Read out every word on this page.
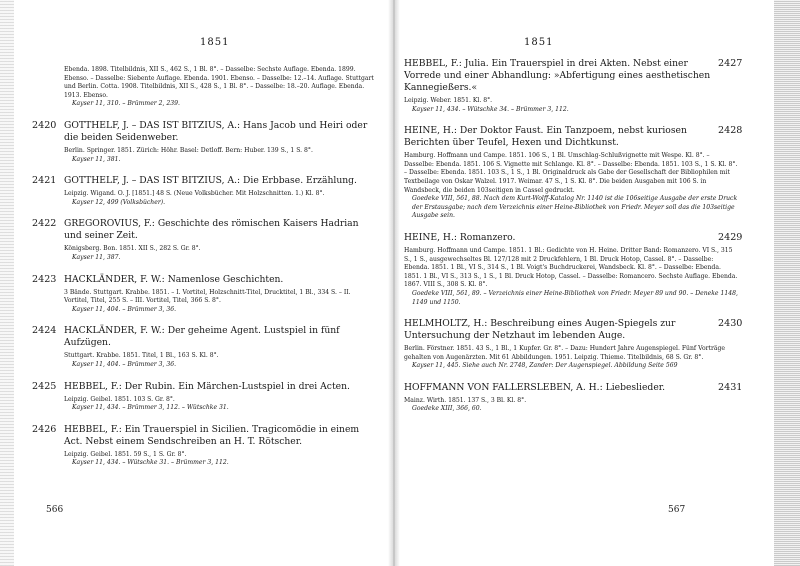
1851
Ebenda. 1898. Titelbildnis, XII S., 462 S., 1 Bl. 8°. – Dasselbe: Sechste Auflage. Ebenda. 1899. Ebenso. – Dasselbe: Siebente Auflage. Ebenda. 1901. Ebenso. – Dasselbe: 12.–14. Auflage. Stuttgart und Berlin. Cotta. 1908. Titelbildnis, XII S., 428 S., 1 Bl. 8°. – Dasselbe: 18.–20. Auflage. Ebenda. 1913. Ebenso.
Kayser 11, 310. – Brümmer 2, 239.
2420 GOTTHELF, J. – DAS IST BITZIUS, A.: Hans Jacob und Heiri oder die beiden Seidenweber.
Berlin. Springer. 1851. Zürich: Höhr. Basel: Detloff. Bern: Huber. 139 S., 1 S. 8°.
Kayser 11, 381.
2421 GOTTHELF, J. – DAS IST BITZIUS, A.: Die Erbbase. Erzählung.
Leipzig. Wigand. O. J. [1851.] 48 S. (Neue Volksbücher. Mit Holzschnitten. 1.) Kl. 8°.
Kayser 12, 499 (Volksbücher).
2422 GREGOROVIUS, F.: Geschichte des römischen Kaisers Hadrian und seiner Zeit.
Königsberg. Bon. 1851. XII S., 282 S. Gr. 8°.
Kayser 11, 387.
2423 HACKLÄNDER, F. W.: Namenlose Geschichten.
3 Bände. Stuttgart. Krabbe. 1851. – I. Vortitel, Holzschnitt-Titel, Drucktitel, 1 Bl., 334 S. – II. Vortitel, Titel, 255 S. – III. Vortitel, Titel, 366 S. 8°.
Kayser 11, 404. – Brümmer 3, 36.
2424 HACKLÄNDER, F. W.: Der geheime Agent. Lustspiel in fünf Aufzügen.
Stuttgart. Krabbe. 1851. Titel, 1 Bl., 163 S. Kl. 8°.
Kayser 11, 404. – Brümmer 3, 36.
2425 HEBBEL, F.: Der Rubin. Ein Märchen-Lustspiel in drei Acten.
Leipzig. Geibel. 1851. 103 S. Gr. 8°.
Kayser 11, 434. – Brümmer 3, 112. – Wütschke 31.
2426 HEBBEL, F.: Ein Trauerspiel in Sicilien. Tragicomödie in einem Act. Nebst einem Sendschreiben an H. T. Rötscher.
Leipzig. Geibel. 1851. 59 S., 1 S. Gr. 8°.
Kayser 11, 434. – Wütschke 31. – Brümmer 3, 112.
566
1851
2427
HEBBEL, F.: Julia. Ein Trauerspiel in drei Akten. Nebst einer Vorrede und einer Abhandlung: »Abfertigung eines aesthetischen Kannegießers.«
Leipzig. Weber. 1851. Kl. 8°.
Kayser 11, 434. – Wütschke 34. – Brümmer 3, 112.
2428
HEINE, H.: Der Doktor Faust. Ein Tanzpoem, nebst kuriosen Berichten über Teufel, Hexen und Dichtkunst.
Hamburg. Hoffmann und Campe. 1851. 106 S., 1 Bl. Umschlag-Schlußvignette mit Wespe. Kl. 8°. – Dasselbe: Ebenda. 1851. 106 S. Vignette mit Schlange. Kl. 8°. – Dasselbe: Ebenda. 1851. 103 S., 1 S. Kl. 8°. – Dasselbe: Ebenda. 1851. 103 S., 1 S., 1 Bl. Originaldruck als Gabe der Gesellschaft der Bibliophilen mit Textbeilage von Oskar Walzel. 1917. Weimar. 47 S., 1 S. Kl. 8°. Die beiden Ausgaben mit 106 S. in Wandsbeck, die beiden 103seitigen in Cassel gedruckt.
Goedeke VIII, 561, 88. Nach dem Kurt-Wolff-Katalog Nr. 1140 ist die 106seitige Ausgabe der erste Druck der Erstausgabe; nach dem Verzeichnis einer Heine-Bibliothek von Friedr. Meyer soll das die 103seitige Ausgabe sein.
2429
HEINE, H.: Romanzero.
Hamburg. Hoffmann und Campe. 1851. 1 Bl.: Gedichte von H. Heine. Dritter Band: Romanzero. VI S., 315 S., 1 S., ausgewechseltes Bl. 127/128 mit 2 Druckfehlern, 1 Bl. Druck Hotop, Cassel. 8°. – Dasselbe: Ebenda. 1851. 1 Bl., VI S., 314 S., 1 Bl. Voigt's Buchdruckerei, Wandsbeck. Kl. 8°. – Dasselbe: Ebenda. 1851. 1 Bl., VI S., 313 S., 1 S., 1 Bl. Druck Hotop, Cassel. – Dasselbe: Romancero. Sechste Auflage. Ebenda. 1867. VIII S., 308 S. Kl. 8°.
Goedeke VIII, 561, 89. – Verzeichnis einer Heine-Bibliothek von Friedr. Meyer 89 und 90. – Deneke 1148, 1149 und 1150.
2430
HELMHOLTZ, H.: Beschreibung eines Augen-Spiegels zur Untersuchung der Netzhaut im lebenden Auge.
Berlin. Förstner. 1851. 43 S., 1 Bl., 1 Kupfer. Gr. 8°. – Dazu: Hundert Jahre Augenspiegel. Fünf Vorträge gehalten von Augenärzten. Mit 61 Abbildungen. 1951. Leipzig. Thieme. Titelbildnis, 68 S. Gr. 8°.
Kayser 11, 445. Siehe auch Nr. 2748, Zander: Der Augenspiegel. Abbildung Seite 569
2431
HOFFMANN VON FALLERSLEBEN, A. H.: Liebeslieder.
Mainz. Wirth. 1851. 137 S., 3 Bl. Kl. 8°.
Goedeke XIII, 366, 60.
567
